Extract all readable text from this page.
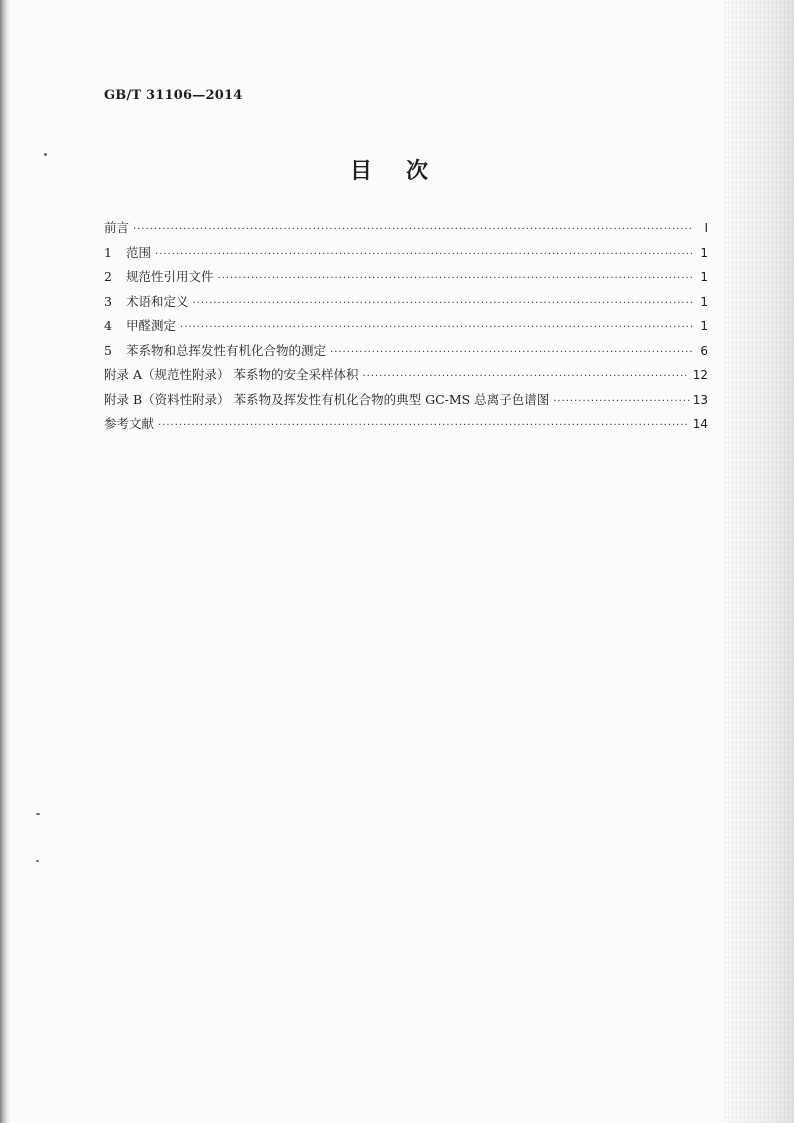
GB/T 31106—2014
目次
前言 ·····	Ⅰ
1 范围 ·····	1
2 规范性引用文件 ·····	1
3 术语和定义 ·····	1
4 甲醛测定 ·····	1
5 苯系物和总挥发性有机化合物的测定 ·····	6
附录 A（规范性附录） 苯系物的安全采样体积 ·····	12
附录 B（资料性附录） 苯系物及挥发性有机化合物的典型 GC-MS 总离子色谱图 ·····	13
参考文献 ·····	14
